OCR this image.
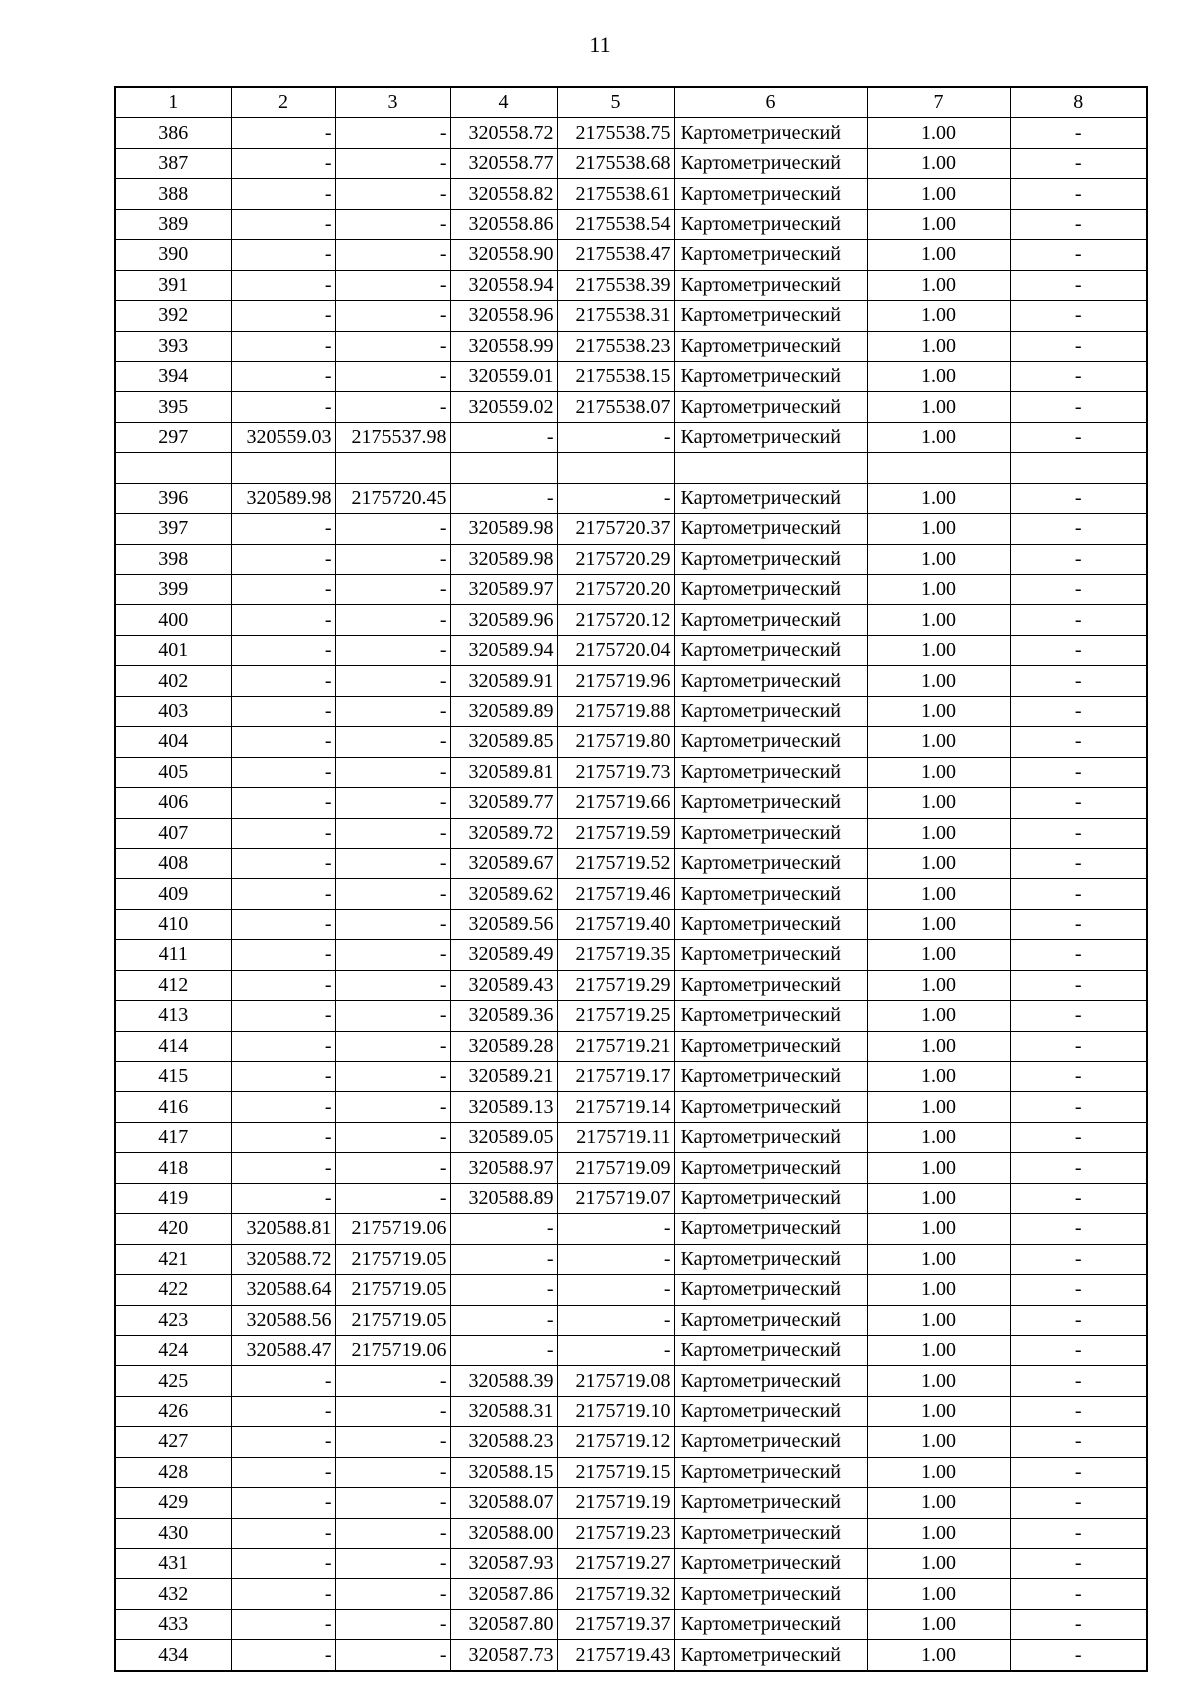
11
1	2	3	4	5	6	7	8
386	-	-	320558.72	2175538.75	Картометрический	1.00	-
387	-	-	320558.77	2175538.68	Картометрический	1.00	-
388	-	-	320558.82	2175538.61	Картометрический	1.00	-
389	-	-	320558.86	2175538.54	Картометрический	1.00	-
390	-	-	320558.90	2175538.47	Картометрический	1.00	-
391	-	-	320558.94	2175538.39	Картометрический	1.00	-
392	-	-	320558.96	2175538.31	Картометрический	1.00	-
393	-	-	320558.99	2175538.23	Картометрический	1.00	-
394	-	-	320559.01	2175538.15	Картометрический	1.00	-
395	-	-	320559.02	2175538.07	Картометрический	1.00	-
297	320559.03	2175537.98	-	-	Картометрический	1.00	-

396	320589.98	2175720.45	-	-	Картометрический	1.00	-
397	-	-	320589.98	2175720.37	Картометрический	1.00	-
398	-	-	320589.98	2175720.29	Картометрический	1.00	-
399	-	-	320589.97	2175720.20	Картометрический	1.00	-
400	-	-	320589.96	2175720.12	Картометрический	1.00	-
401	-	-	320589.94	2175720.04	Картометрический	1.00	-
402	-	-	320589.91	2175719.96	Картометрический	1.00	-
403	-	-	320589.89	2175719.88	Картометрический	1.00	-
404	-	-	320589.85	2175719.80	Картометрический	1.00	-
405	-	-	320589.81	2175719.73	Картометрический	1.00	-
406	-	-	320589.77	2175719.66	Картометрический	1.00	-
407	-	-	320589.72	2175719.59	Картометрический	1.00	-
408	-	-	320589.67	2175719.52	Картометрический	1.00	-
409	-	-	320589.62	2175719.46	Картометрический	1.00	-
410	-	-	320589.56	2175719.40	Картометрический	1.00	-
411	-	-	320589.49	2175719.35	Картометрический	1.00	-
412	-	-	320589.43	2175719.29	Картометрический	1.00	-
413	-	-	320589.36	2175719.25	Картометрический	1.00	-
414	-	-	320589.28	2175719.21	Картометрический	1.00	-
415	-	-	320589.21	2175719.17	Картометрический	1.00	-
416	-	-	320589.13	2175719.14	Картометрический	1.00	-
417	-	-	320589.05	2175719.11	Картометрический	1.00	-
418	-	-	320588.97	2175719.09	Картометрический	1.00	-
419	-	-	320588.89	2175719.07	Картометрический	1.00	-
420	320588.81	2175719.06	-	-	Картометрический	1.00	-
421	320588.72	2175719.05	-	-	Картометрический	1.00	-
422	320588.64	2175719.05	-	-	Картометрический	1.00	-
423	320588.56	2175719.05	-	-	Картометрический	1.00	-
424	320588.47	2175719.06	-	-	Картометрический	1.00	-
425	-	-	320588.39	2175719.08	Картометрический	1.00	-
426	-	-	320588.31	2175719.10	Картометрический	1.00	-
427	-	-	320588.23	2175719.12	Картометрический	1.00	-
428	-	-	320588.15	2175719.15	Картометрический	1.00	-
429	-	-	320588.07	2175719.19	Картометрический	1.00	-
430	-	-	320588.00	2175719.23	Картометрический	1.00	-
431	-	-	320587.93	2175719.27	Картометрический	1.00	-
432	-	-	320587.86	2175719.32	Картометрический	1.00	-
433	-	-	320587.80	2175719.37	Картометрический	1.00	-
434	-	-	320587.73	2175719.43	Картометрический	1.00	-
